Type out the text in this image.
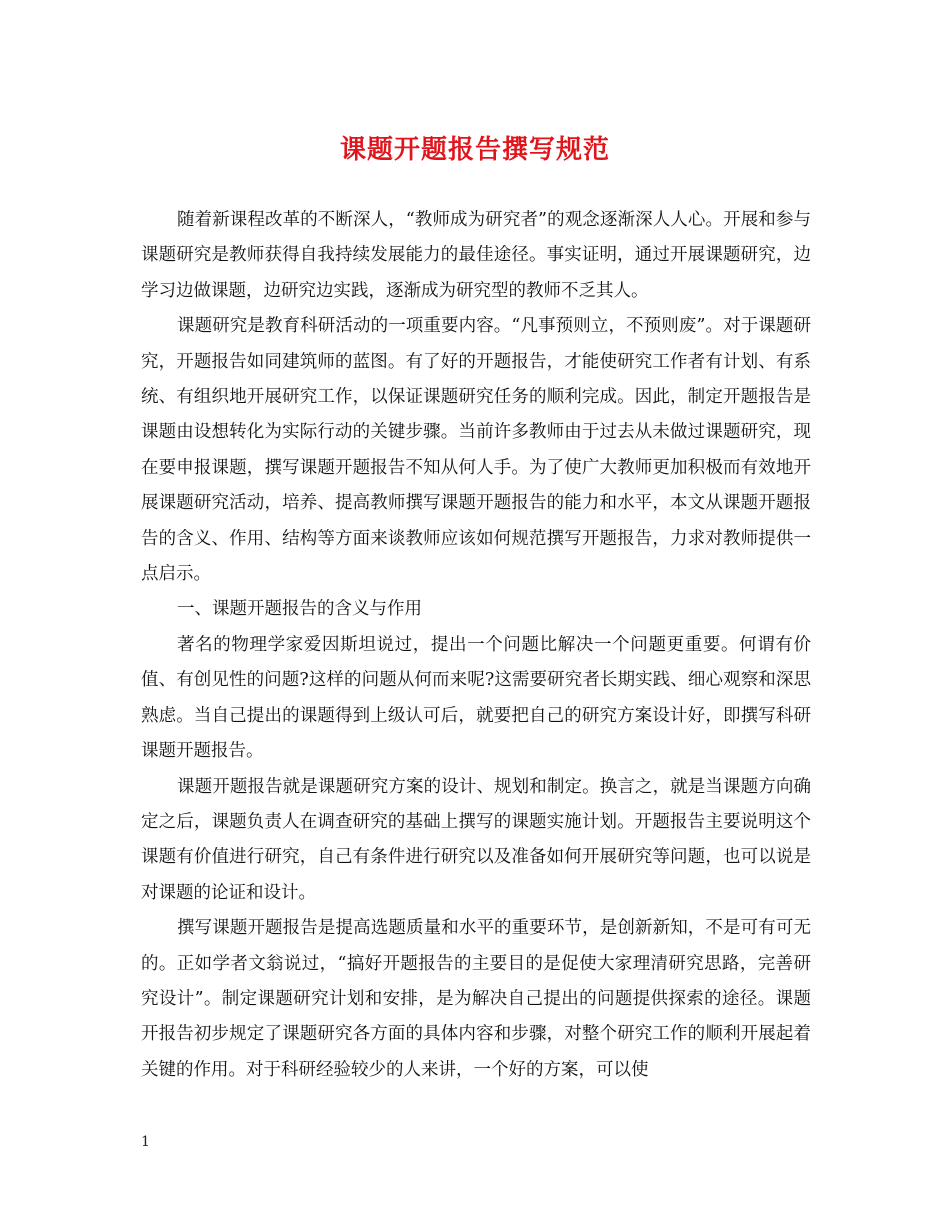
课题开题报告撰写规范

随着新课程改革的不断深人，“教师成为研究者”的观念逐渐深人人心。开展和参与课题研究是教师获得自我持续发展能力的最佳途径。事实证明，通过开展课题研究，边学习边做课题，边研究边实践，逐渐成为研究型的教师不乏其人。

课题研究是教育科研活动的一项重要内容。“凡事预则立，不预则废”。对于课题研究，开题报告如同建筑师的蓝图。有了好的开题报告，才能使研究工作者有计划、有系统、有组织地开展研究工作，以保证课题研究任务的顺利完成。因此，制定开题报告是课题由设想转化为实际行动的关键步骤。当前许多教师由于过去从未做过课题研究，现在要申报课题，撰写课题开题报告不知从何人手。为了使广大教师更加积极而有效地开展课题研究活动，培养、提高教师撰写课题开题报告的能力和水平，本文从课题开题报告的含义、作用、结构等方面来谈教师应该如何规范撰写开题报告，力求对教师提供一点启示。

一、课题开题报告的含义与作用

著名的物理学家爱因斯坦说过，提出一个问题比解决一个问题更重要。何谓有价值、有创见性的问题?这样的问题从何而来呢?这需要研究者长期实践、细心观察和深思熟虑。当自己提出的课题得到上级认可后，就要把自己的研究方案设计好，即撰写科研课题开题报告。

课题开题报告就是课题研究方案的设计、规划和制定。换言之，就是当课题方向确定之后，课题负责人在调查研究的基础上撰写的课题实施计划。开题报告主要说明这个课题有价值进行研究，自己有条件进行研究以及准备如何开展研究等问题，也可以说是对课题的论证和设计。

撰写课题开题报告是提高选题质量和水平的重要环节，是创新新知，不是可有可无的。正如学者文翁说过，“搞好开题报告的主要目的是促使大家理清研究思路，完善研究设计”。制定课题研究计划和安排，是为解决自己提出的问题提供探索的途径。课题开报告初步规定了课题研究各方面的具体内容和步骤，对整个研究工作的顺利开展起着关键的作用。对于科研经验较少的人来讲，一个好的方案，可以使

1
